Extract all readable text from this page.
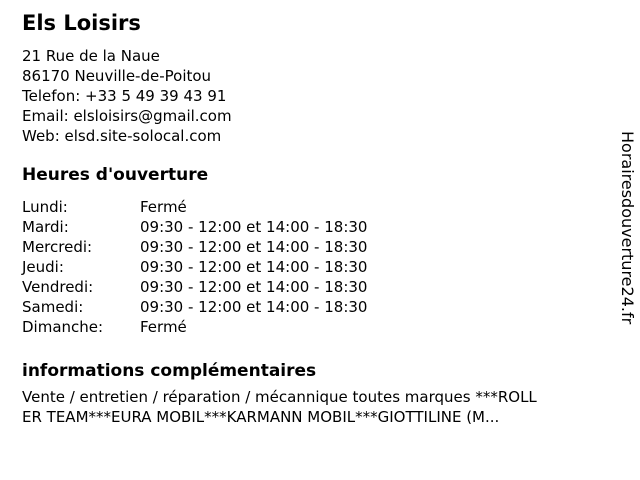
Els Loisirs
21 Rue de la Naue
86170 Neuville-de-Poitou
Telefon: +33 5 49 39 43 91
Email: elsloisirs@gmail.com
Web: elsd.site-solocal.com
Heures d'ouverture
Lundi:	Fermé
Mardi:	09:30 - 12:00 et 14:00 - 18:30
Mercredi:	09:30 - 12:00 et 14:00 - 18:30
Jeudi:	09:30 - 12:00 et 14:00 - 18:30
Vendredi:	09:30 - 12:00 et 14:00 - 18:30
Samedi:	09:30 - 12:00 et 14:00 - 18:30
Dimanche:	Fermé
informations complémentaires
Vente / entretien / réparation / mécannique toutes marques ***ROLL
ER TEAM***EURA MOBIL***KARMANN MOBIL***GIOTTILINE (M...
Horairesdouverture24.fr
